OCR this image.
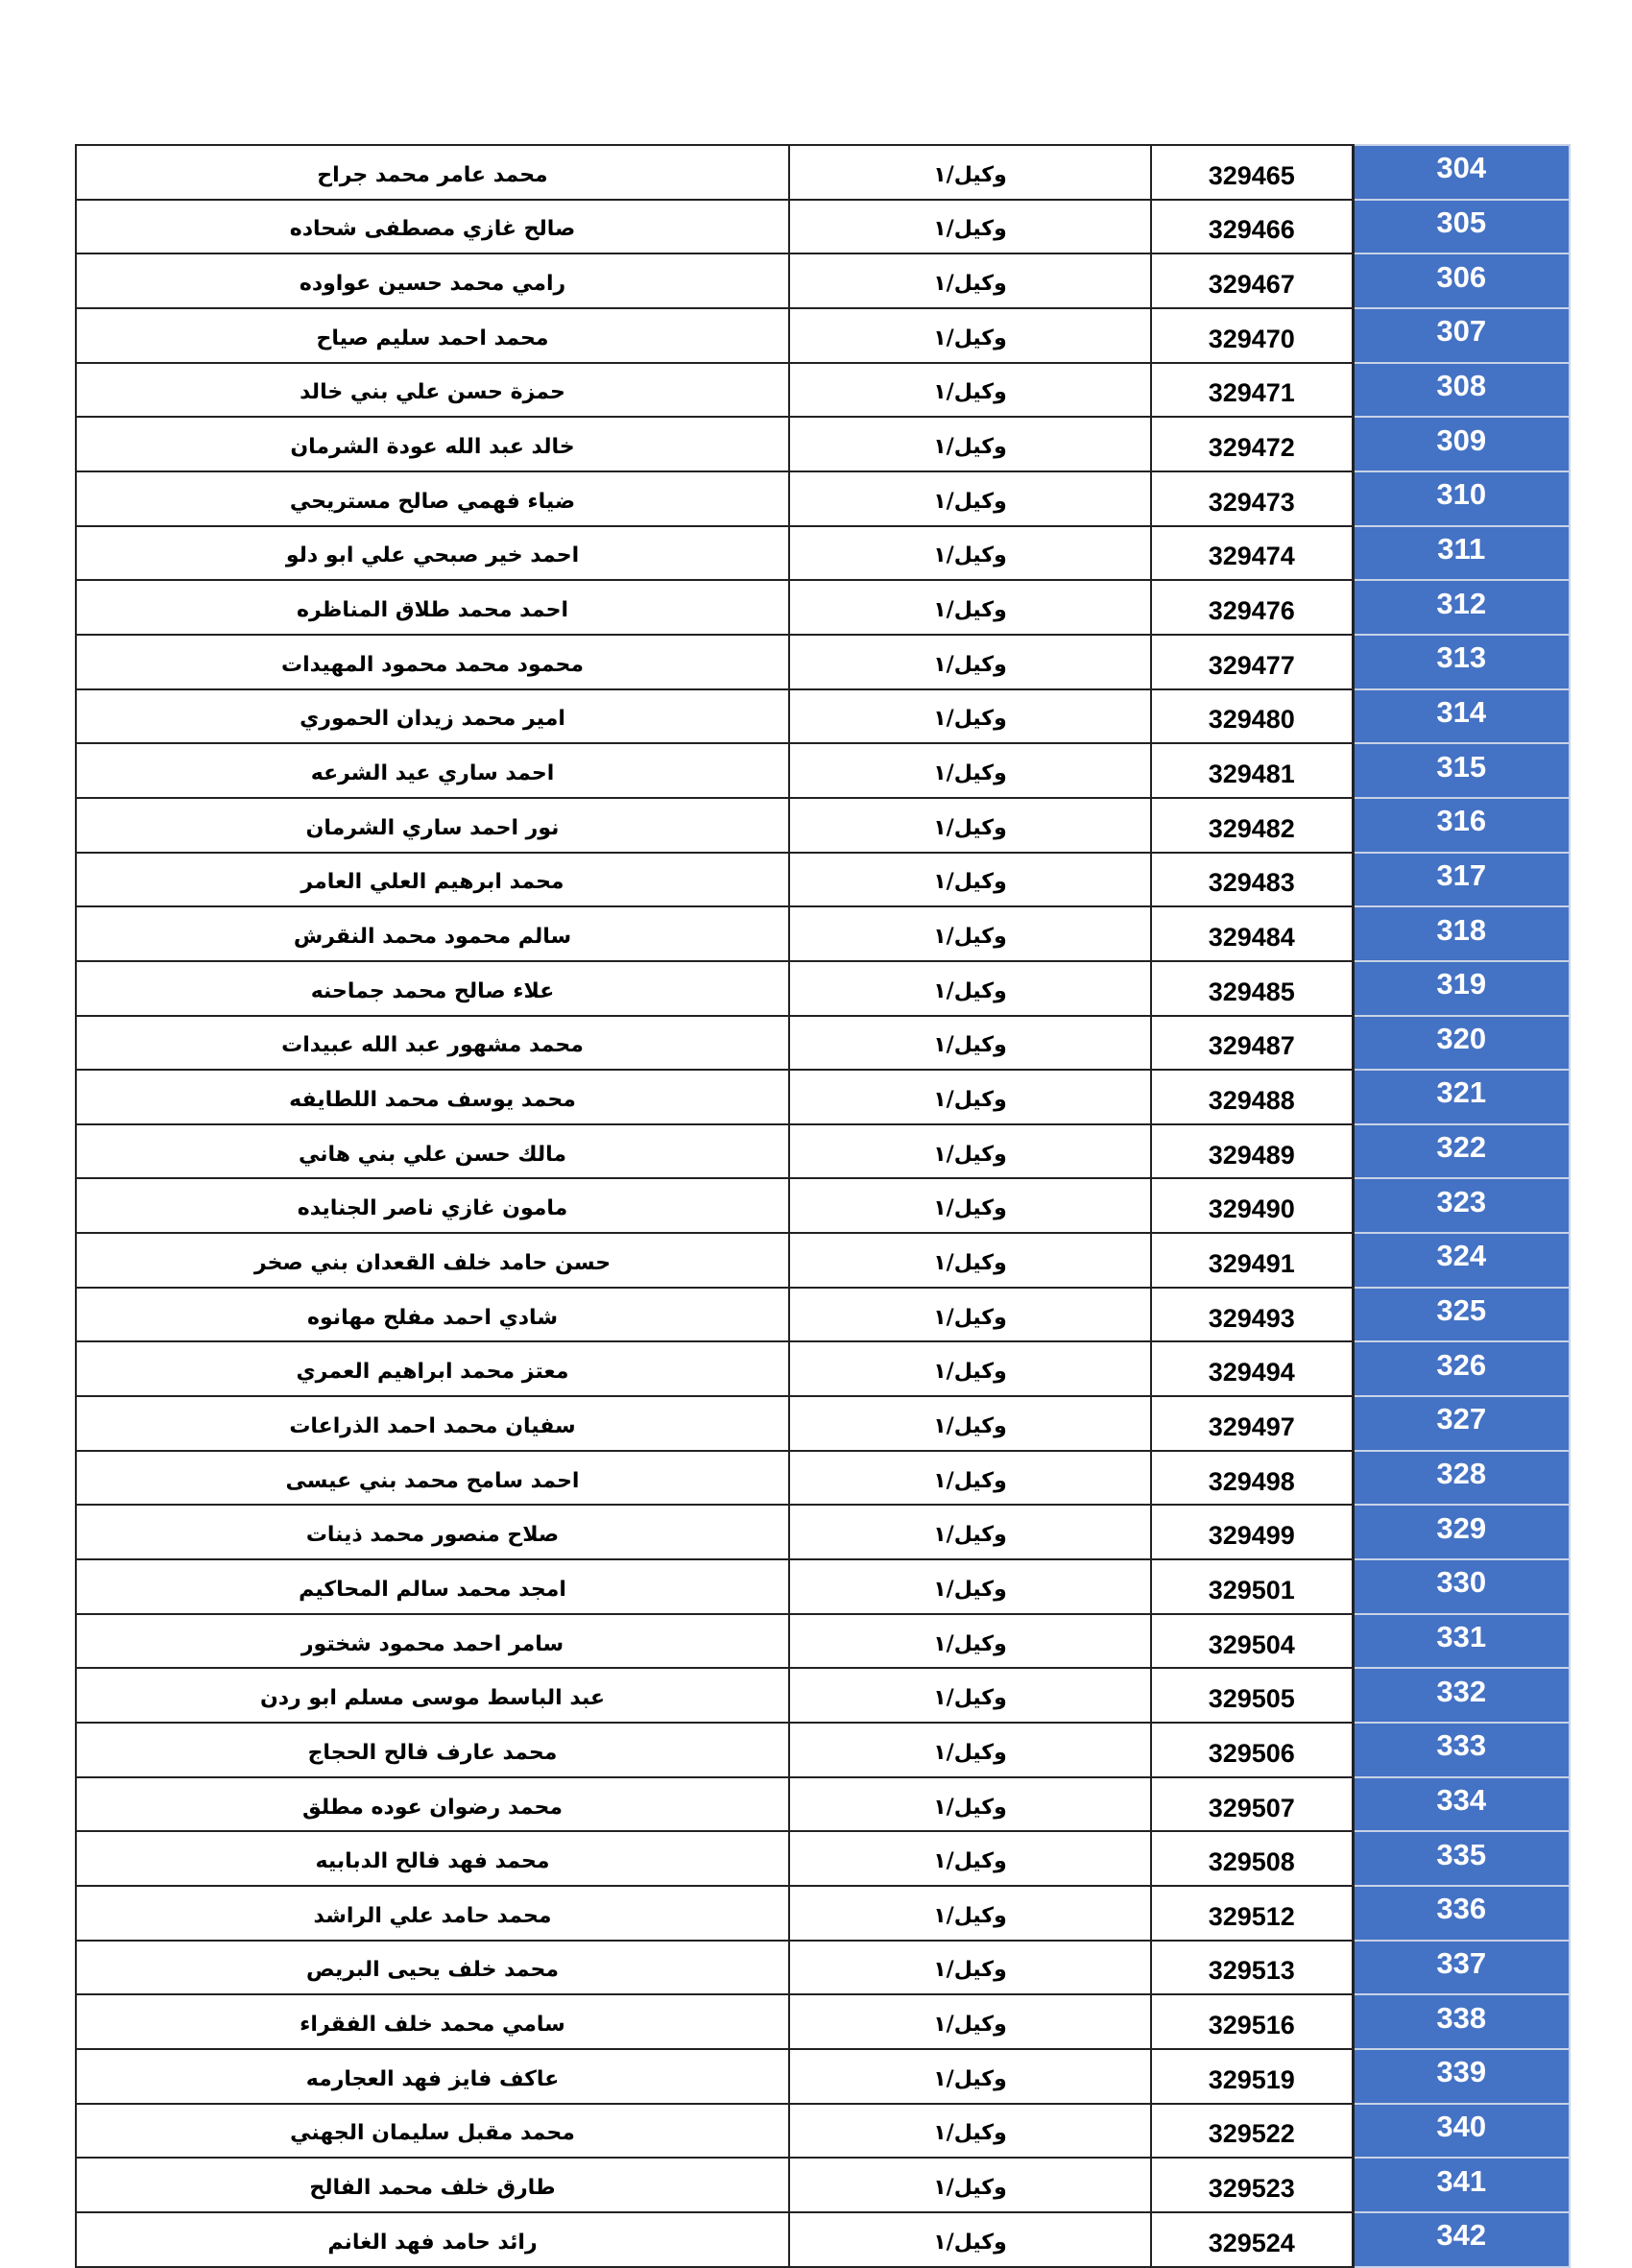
محمد عامر محمد جراح	وكيل/١	329465	304
صالح غازي مصطفى شحاده	وكيل/١	329466	305
رامي محمد حسين عواوده	وكيل/١	329467	306
محمد احمد سليم صياح	وكيل/١	329470	307
حمزة حسن علي بني خالد	وكيل/١	329471	308
خالد عبد الله عودة الشرمان	وكيل/١	329472	309
ضياء فهمي صالح مستريحي	وكيل/١	329473	310
احمد خير صبحي علي ابو دلو	وكيل/١	329474	311
احمد محمد طلاق المناظره	وكيل/١	329476	312
محمود محمد محمود المهيدات	وكيل/١	329477	313
امير محمد زيدان الحموري	وكيل/١	329480	314
احمد ساري عيد الشرعه	وكيل/١	329481	315
نور احمد ساري الشرمان	وكيل/١	329482	316
محمد ابرهيم العلي العامر	وكيل/١	329483	317
سالم محمود محمد النقرش	وكيل/١	329484	318
علاء صالح محمد جماحنه	وكيل/١	329485	319
محمد مشهور عبد الله عبيدات	وكيل/١	329487	320
محمد يوسف محمد اللطايفه	وكيل/١	329488	321
مالك حسن علي بني هاني	وكيل/١	329489	322
مامون غازي ناصر الجنايده	وكيل/١	329490	323
حسن حامد خلف القعدان بني صخر	وكيل/١	329491	324
شادي احمد مفلح مهانوه	وكيل/١	329493	325
معتز محمد ابراهيم العمري	وكيل/١	329494	326
سفيان محمد احمد الذراعات	وكيل/١	329497	327
احمد سامح محمد بني عيسى	وكيل/١	329498	328
صلاح منصور محمد ذينات	وكيل/١	329499	329
امجد محمد سالم المحاكيم	وكيل/١	329501	330
سامر احمد محمود شختور	وكيل/١	329504	331
عبد الباسط موسى مسلم ابو ردن	وكيل/١	329505	332
محمد عارف فالح الحجاج	وكيل/١	329506	333
محمد رضوان عوده مطلق	وكيل/١	329507	334
محمد فهد فالح الدبابيه	وكيل/١	329508	335
محمد حامد علي الراشد	وكيل/١	329512	336
محمد خلف يحيى البريص	وكيل/١	329513	337
سامي محمد خلف الفقراء	وكيل/١	329516	338
عاكف فايز فهد العجارمه	وكيل/١	329519	339
محمد مقبل سليمان الجهني	وكيل/١	329522	340
طارق خلف محمد الفالح	وكيل/١	329523	341
رائد حامد فهد الغانم	وكيل/١	329524	342
